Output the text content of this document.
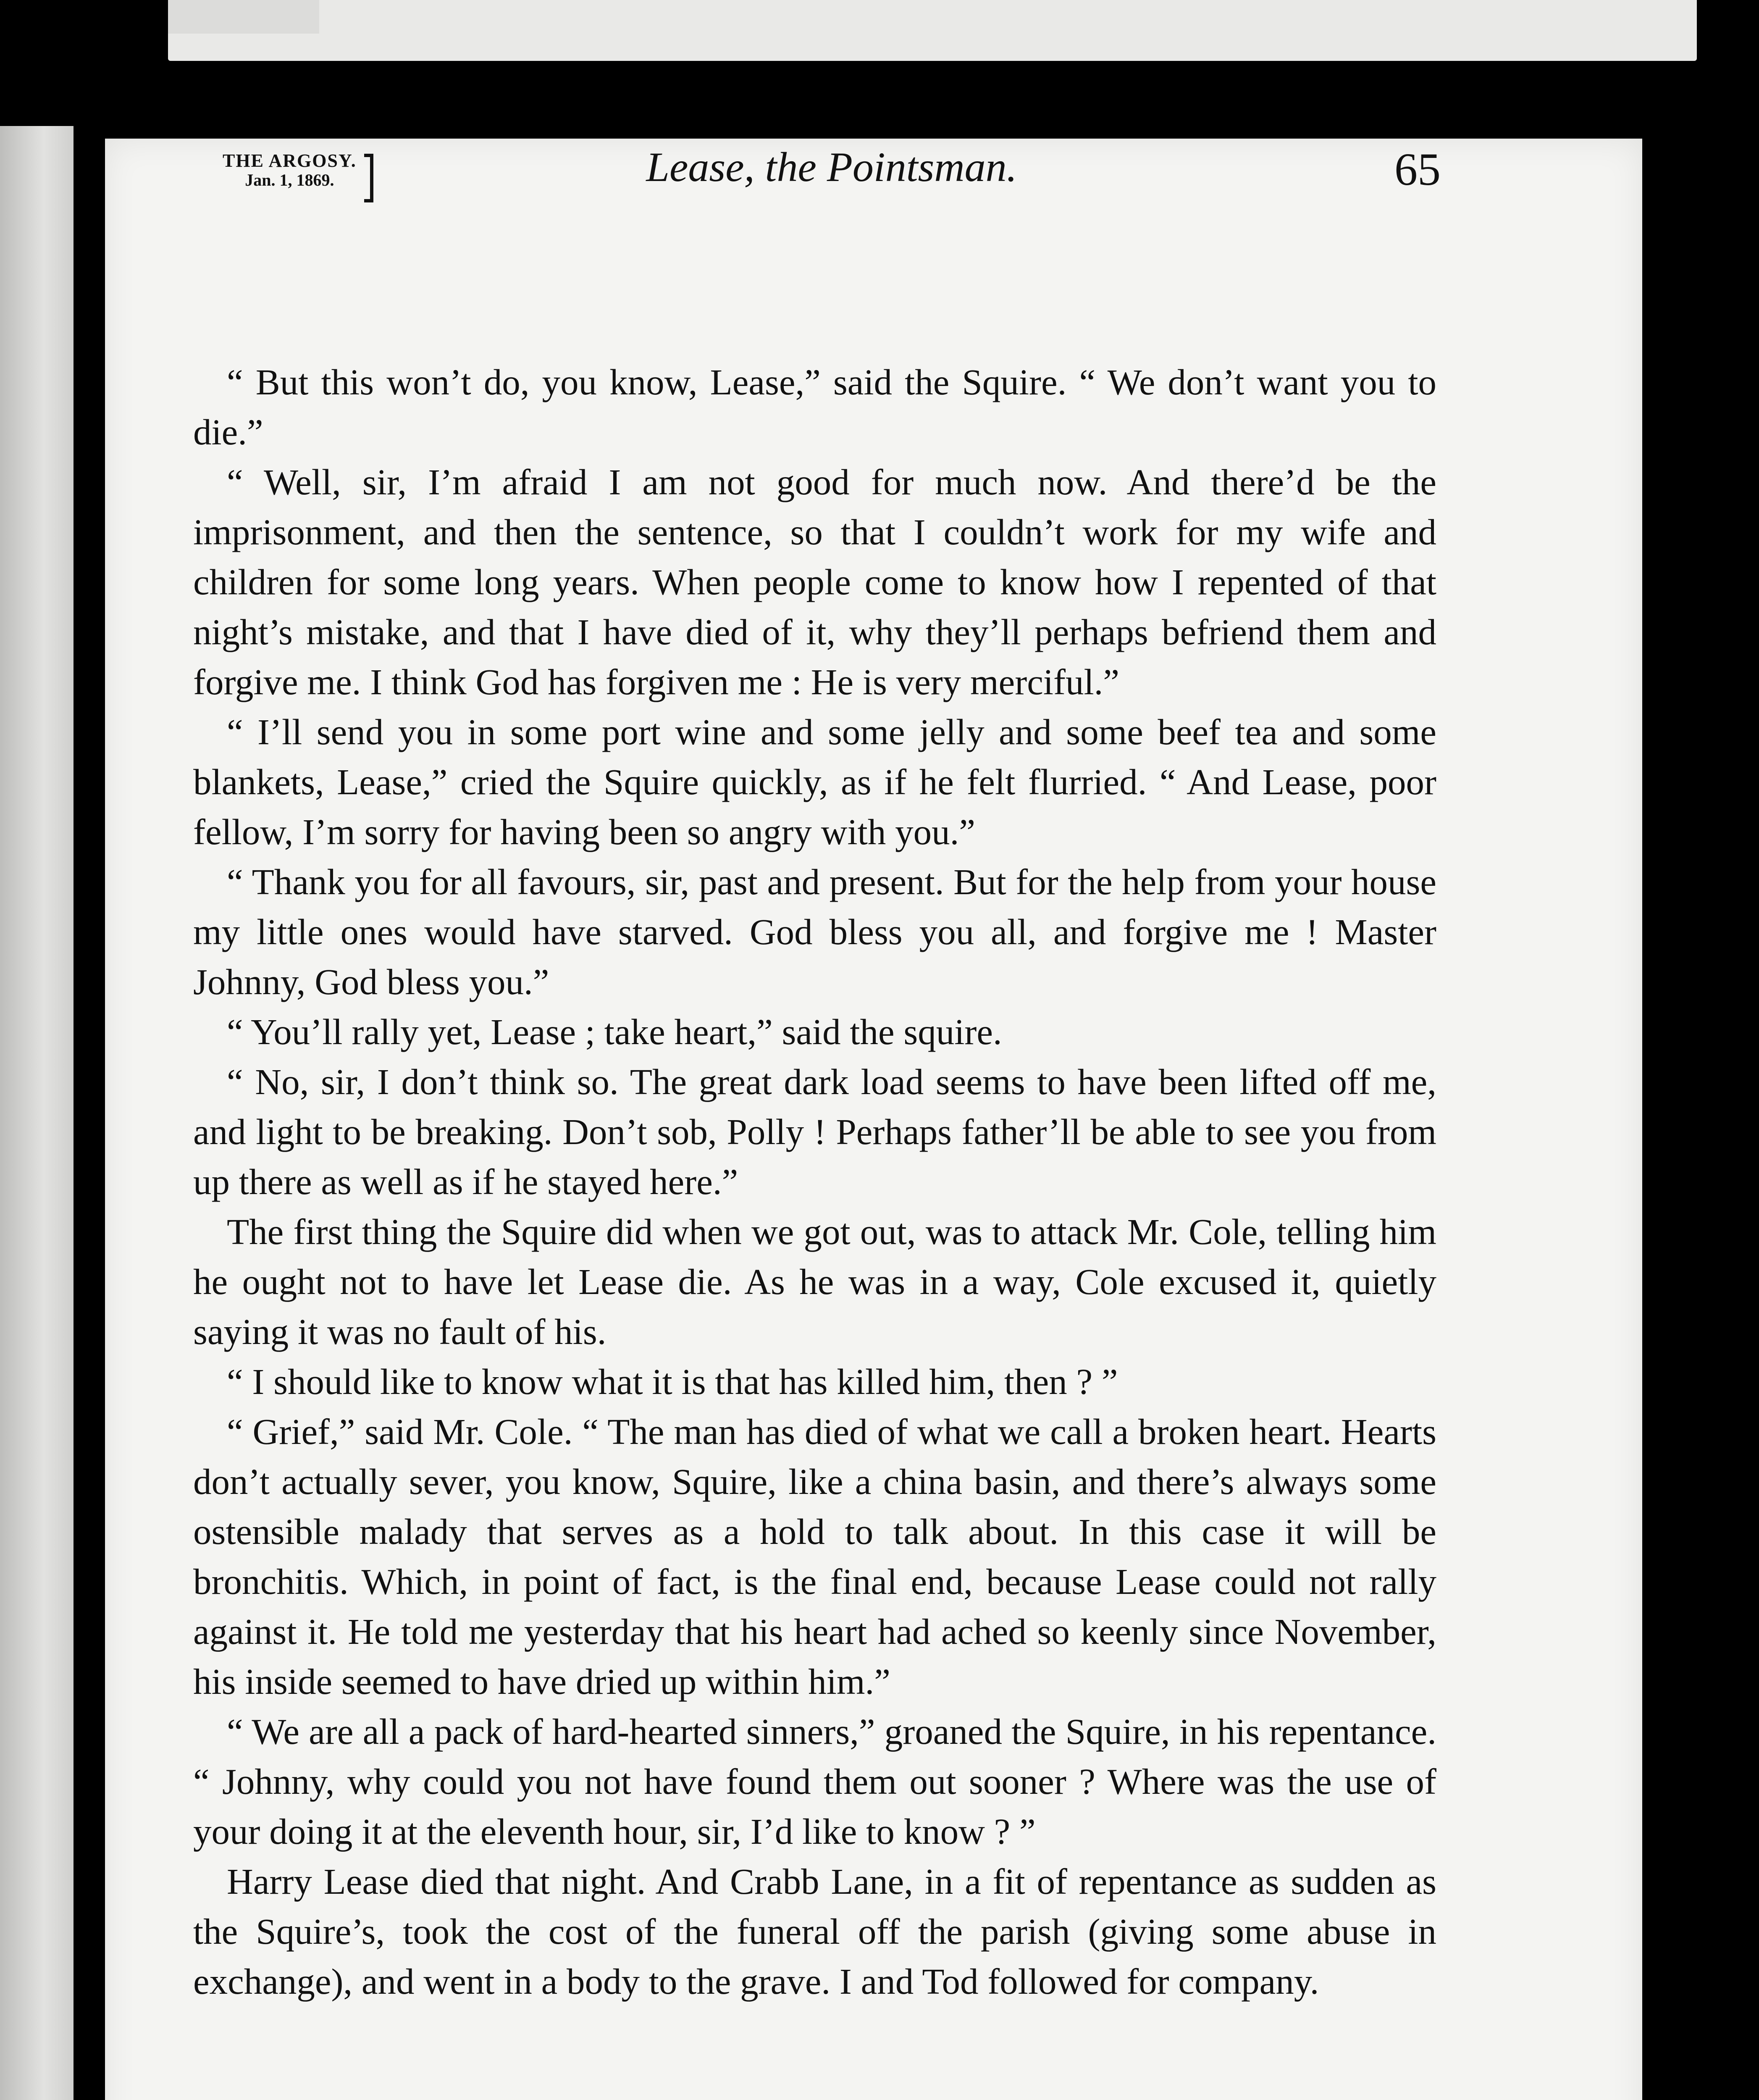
THE ARGOSY.
Jan. 1, 1869.	Lease, the Pointsman.	65

“ But this won’t do, you know, Lease,” said the Squire. “ We don’t want you to die.”

“ Well, sir, I’m afraid I am not good for much now. And there’d be the imprisonment, and then the sentence, so that I couldn’t work for my wife and children for some long years. When people come to know how I repented of that night’s mistake, and that I have died of it, why they’ll perhaps befriend them and forgive me. I think God has forgiven me : He is very merciful.”

“ I’ll send you in some port wine and some jelly and some beef tea and some blankets, Lease,” cried the Squire quickly, as if he felt flurried. “ And Lease, poor fellow, I’m sorry for having been so angry with you.”

“ Thank you for all favours, sir, past and present. But for the help from your house my little ones would have starved. God bless you all, and forgive me ! Master Johnny, God bless you.”

“ You’ll rally yet, Lease ; take heart,” said the squire.

“ No, sir, I don’t think so. The great dark load seems to have been lifted off me, and light to be breaking. Don’t sob, Polly ! Perhaps father’ll be able to see you from up there as well as if he stayed here.”

The first thing the Squire did when we got out, was to attack Mr. Cole, telling him he ought not to have let Lease die. As he was in a way, Cole excused it, quietly saying it was no fault of his.

“ I should like to know what it is that has killed him, then ? ”

“ Grief,” said Mr. Cole. “ The man has died of what we call a broken heart. Hearts don’t actually sever, you know, Squire, like a china basin, and there’s always some ostensible malady that serves as a hold to talk about. In this case it will be bronchitis. Which, in point of fact, is the final end, because Lease could not rally against it. He told me yesterday that his heart had ached so keenly since November, his inside seemed to have dried up within him.”

“ We are all a pack of hard-hearted sinners,” groaned the Squire, in his repentance. “ Johnny, why could you not have found them out sooner ? Where was the use of your doing it at the eleventh hour, sir, I’d like to know ? ”

Harry Lease died that night. And Crabb Lane, in a fit of repentance as sudden as the Squire’s, took the cost of the funeral off the parish (giving some abuse in exchange), and went in a body to the grave. I and Tod followed for company.
